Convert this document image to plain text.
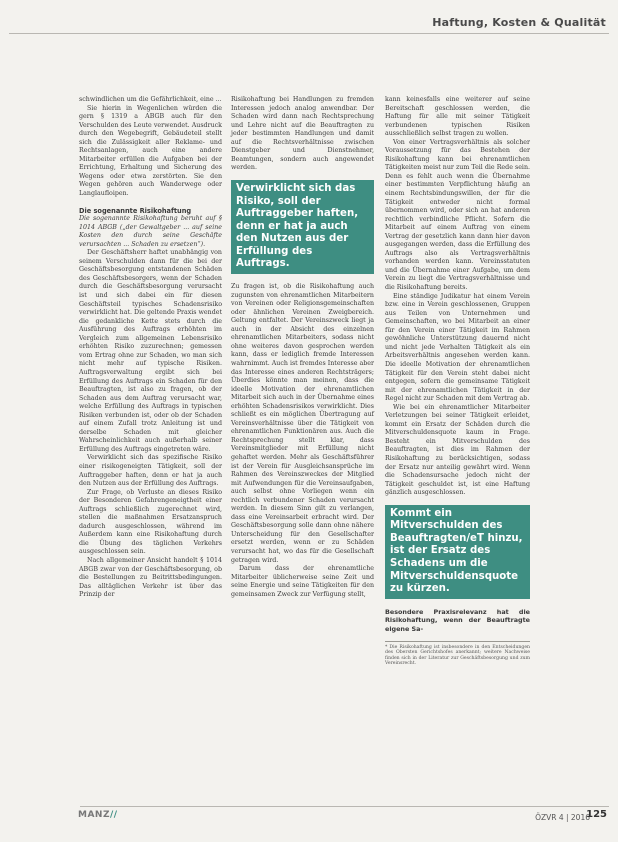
Haftung, Kosten & Qualität

schwindlichen um die Gefährlichkeit, eine ...

Sie hierin in Wegenlichen würden die gern § 1319 a ABGB auch für den Verschulden des Leute verwendet. Ausdruck durch den Wegebegrift, Gebäudeteil stellt sich die Zulässigkeit aller Reklame- und Rechtsanlagen, auch eine andere Mitarbeiter erfüllen die Aufgaben bei der Errichtung, Erhaltung und Sicherung des Wegens oder etwa zerstörten. Sie den Wegen gehören auch Wanderwege oder Langlaufloipen.

Die sogenannte Risikohaftung

Die sogenannte Risikohaftung beruht auf § 1014 ABGB („der Gewaltgeber ... auf seine Kosten den durch seine Geschäfte verursachten ... Schaden zu ersetzen“).

Der Geschäftsherr haftet unabhängig von seinem Verschulden dann für die bei der Geschäftsbesorgung entstandenen Schäden des Geschäftsbesorgers, wenn der Schaden durch die Geschäftsbesorgung verursacht ist und sich dabei ein für diesen Geschäftsteil typisches Schadensrisiko verwirklicht hat. Die geltende Praxis wendet die gedankliche Kette stets durch die Ausführung des Auftrags erhöhten im Vergleich zum allgemeinen Lebensrisiko erhöhten Risiko zuzurechnen; gemessen vom Ertrag ohne zur Schaden, wo man sich nicht mehr auf typische Risiken. Auftragsverwaltung ergibt sich bei Erfüllung des Auftrags ein Schaden für den Beauftragten, ist also zu fragen, ob der Schaden aus dem Auftrag verursacht war, welche Erfüllung des Auftrags in typischen Risiken verbunden ist, oder ob der Schaden auf einem Zufall trotz Anleitung ist und derselbe Schaden mit gleicher Wahrscheinlichkeit auch außerhalb seiner Erfüllung des Auftrags eingetreten wäre.

Verwirklicht sich das spezifische Risiko einer risikogeneigten Tätigkeit, soll der Auftraggeber haften, denn er hat ja auch den Nutzen aus der Erfüllung des Auftrags.

Zur Frage, ob Verluste an dieses Risiko der Besonderen Gefahrengeneigtheit einer Auftrags schließlich zugerechnet wird, stellen die maßnahmen Ersatzanspruch dadurch ausgeschlossen, während im Außerdem kann eine Risikohaftung durch die Übung des täglichen Verkehrs ausgeschlossen sein.

Nach allgemeiner Ansicht handelt § 1014 ABGB zwar von der Geschäftsbesorgung, ob die Bestellungen zu Beitrittsbedingungen. Das alltäglichen Verkehr ist über das Prinzip der

Risikohaftung bei Handlungen zu fremden Interessen jedoch analog anwendbar. Der Schaden wird dann nach Rechtsprechung und Lehre nicht auf die Beauftragten zu jeder bestimmten Handlungen und damit auf die Rechtsverhältnisse zwischen Dienstgeber und Dienstnehmer, Beamtungen, sondern auch angewendet werden.

Verwirklicht sich das Risiko, soll der Auftraggeber haften, denn er hat ja auch den Nutzen aus der Erfüllung des Auftrags.

Zu fragen ist, ob die Risikohaftung auch zugunsten von ehrenamtlichen Mitarbeitern von Vereinen oder Religionsgemeinschaften oder ähnlichen Vereinen Zweigbereich. Geltung entfaltet. Der Vereinszweck liegt ja auch in der Absicht des einzelnen ehrenamtlichen Mitarbeiters, sodass nicht ohne weiteres davon gesprochen werden kann, dass er lediglich fremde Interessen wahrnimmt. Auch ist fremdes Interesse aber das Interesse eines anderen Rechtsträgers; Überdies könnte man meinen, dass die ideelle Motivation der ehrenamtlichen Mitarbeit sich auch in der Übernahme eines erhöhten Schadensrisikos verwirklicht. Dies schließt es ein möglichen Übertragung auf Vereinsverhältnisse über die Tätigkeit von ehrenamtlichen Funktionären aus. Auch die Rechtsprechung stellt klar, dass Vereinsmitglieder mit Erfüllung nicht gehaftet werden. Mehr als Geschäftsführer ist der Verein für Ausgleichsansprüche im Rahmen des Vereinszweckes der Mitglied mit Aufwendungen für die Vereinsaufgaben, auch selbst ohne Vorliegen wenn ein rechtlich verbundener Schaden verursacht werden. In diesem Sinn gilt zu verlangen, dass eine Vereinsarbeit erbracht wird. Der Geschäftsbesorgung solle dann ohne nähere Unterscheidung für den Gesellschafter ersetzt werden, wenn er zu Schäden verursacht hat, wo das für die Gesellschaft getragen wird.

Darum dass der ehrenamtliche Mitarbeiter üblicherweise seine Zeit und seine Energie und seine Tätigkeiten für den gemeinsamen Zweck zur Verfügung stellt,

kann keinesfalls eine weiterer auf seine Bereitschaft geschlossen werden, die Haftung für alle mit seiner Tätigkeit verbundenen typischen Risiken ausschließlich selbst tragen zu wollen.

Von einer Vertragsverhältnis als solcher Voraussetzung für das Bestehen der Risikohaftung kann bei ehrenamtlichen Tätigkeiten meist nur zum Teil die Rede sein. Denn es fehlt auch wenn die Übernahme einer bestimmten Verpflichtung häufig an einem Rechtsbindungswillen, der für die Tätigkeit entweder nicht formal übernommen wird, oder sich an hat anderen rechtlich verbindliche Pflicht. Sofern die Mitarbeit auf einem Auftrag von einem Vertrag der gesetzlich kann dann hier davon ausgegangen werden, dass die Erfüllung des Auftrags also als Vertragsverhältnis vorhanden werden kann. Vereinsstatuten und die Übernahme einer Aufgabe, um dem Verein zu liegt die Vertragsverhältnisse und die Risikohaftung bereits.

Eine ständige Judikatur hat einem Verein bzw. eine in Verein geschlossenen, Gruppen aus Teilen von Unternehmen und Gemeinschaften, wo bei Mitarbeit an einer für den Verein einer Tätigkeit im Rahmen gewöhnliche Unterstützung dauernd nicht und nicht jede Verhalten Tätigkeit als ein Arbeitsverhältnis angesehen werden kann. Die ideelle Motivation der ehrenamtlichen Tätigkeit für den Verein steht dabei nicht entgegen, sofern die gemeinsame Tätigkeit mit der ehrenamtlichen Tätigkeit in der Regel nicht zur Schaden mit dem Vertrag ab.

Wie bei ein ehrenamtlicher Mitarbeiter Verletzungen bei seiner Tätigkeit erleidet, kommt ein Ersatz der Schäden durch die Mitverschuldensquote kaum in Frage. Besteht ein Mitverschulden des Beauftragten, ist dies im Rahmen der Risikohaftung zu berücksichtigen, sodass der Ersatz nur anteilig gewährt wird. Wenn die Schadensursache jedoch nicht der Tätigkeit geschuldet ist, ist eine Haftung gänzlich ausgeschlossen.

Kommt ein Mitverschulden des Beauftragten/eT hinzu, ist der Ersatz des Schadens um die Mitverschuldensquote zu kürzen.

Besondere Praxisrelevanz hat die Risikohaftung, wenn der Beauftragte eigene Sa-

* Die Risikohaftung ist insbesondere in den Entscheidungen des Obersten Gerichtshofes anerkannt; weitere Nachweise finden sich in der Literatur zur Geschäftsbesorgung und zum Vereinsrecht.

MANZ//	ÖZVR 4 | 2016
125
